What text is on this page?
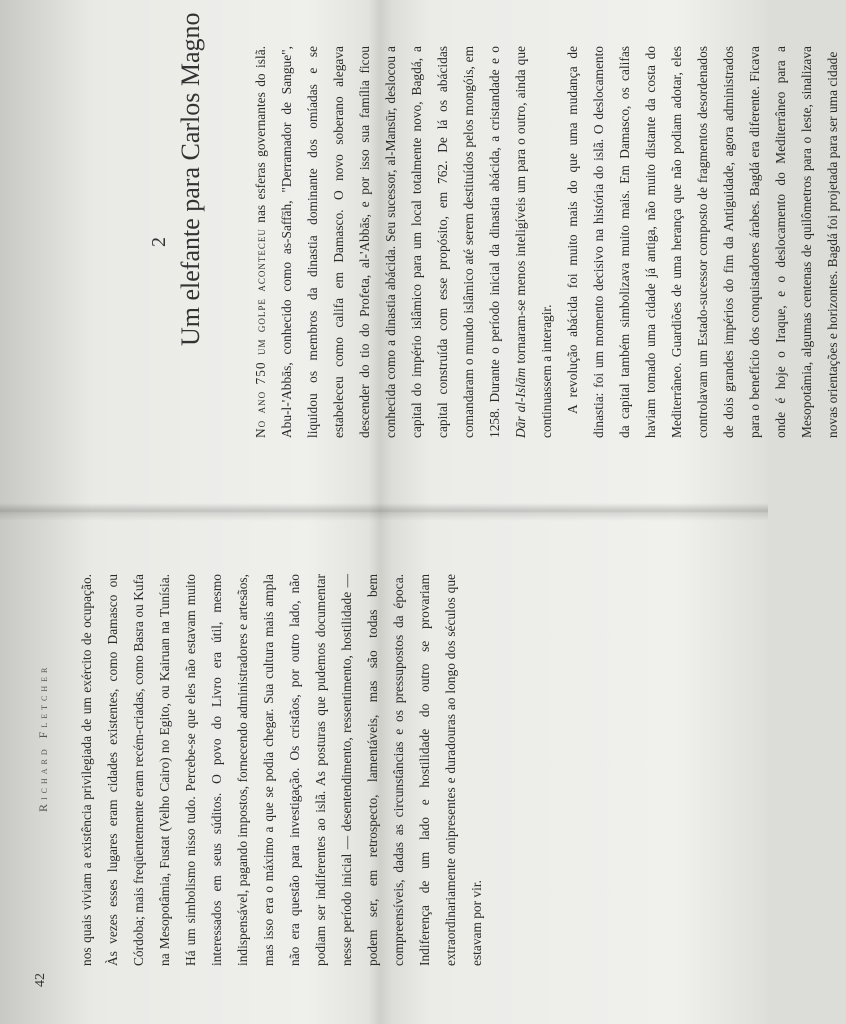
42
Richard Fletcher	nos quais viviam a existência privilegiada de um exército de ocupação. Às vezes esses lugares eram cidades existentes, como Damasco ou Córdoba; mais freqüentemente eram recém-criadas, como Basra ou Kufa na Mesopotâmia, Fustat (Velho Cairo) no Egito, ou Kairuan na Tunísia. Há um simbolismo nisso tudo. Percebe-se que eles não estavam muito interessados em seus súditos. O povo do Livro era útil, mesmo indispensável, pagando impostos, fornecendo administradores e artesãos, mas isso era o máximo a que se podia chegar. Sua cultura mais ampla não era questão para investigação. Os cristãos, por outro lado, não podiam ser indiferentes ao islã. As posturas que pudemos documentar nesse período inicial — desentendimento, ressentimento, hostilidade — podem ser, em retrospecto, lamentáveis, mas são todas bem compreensíveis, dadas as circunstâncias e os pressupostos da época. Indiferença de um lado e hostilidade do outro se provariam extraordinariamente onipresentes e duradouras ao longo dos séculos que estavam por vir.

2 Um elefante para Carlos Magno	No ano 750 um golpe aconteceu nas esferas governantes do islã. Abu-l-'Abbās, conhecido como as-Saffāh, "Derramador de Sangue", liquidou os membros da dinastia dominante dos omíadas e se estabeleceu como califa em Damasco. O novo soberano alegava descender do tio do Profeta, al-'Abbās, e por isso sua família ficou conhecida como a dinastia abácida. Seu sucessor, al-Mansūr, deslocou a capital do império islâmico para um local totalmente novo, Bagdá, a capital construída com esse propósito, em 762. De lá os abácidas comandaram o mundo islâmico até serem destituídos pelos mongóis, em 1258. Durante o período inicial da dinastia abácida, a cristandade e o Dār al-Islām tornaram-se menos inteligíveis um para o outro, ainda que continuassem a interagir. A revolução abácida foi muito mais do que uma mudança de dinastia: foi um momento decisivo na história do islã. O deslocamento da capital também simbolizava muito mais. Em Damasco, os califas haviam tomado uma cidade já antiga, não muito distante da costa do Mediterrâneo. Guardiões de uma herança que não podiam adotar, eles controlavam um Estado-sucessor composto de fragmentos desordenados de dois grandes impérios do fim da Antiguidade, agora administrados para o benefício dos conquistadores árabes. Bagdá era diferente. Ficava onde é hoje o Iraque, e o deslocamento do Mediterrâneo para a Mesopotâmia, algumas centenas de quilômetros para o leste, sinalizava novas orientações e horizontes. Bagdá foi projetada para ser uma cidade
